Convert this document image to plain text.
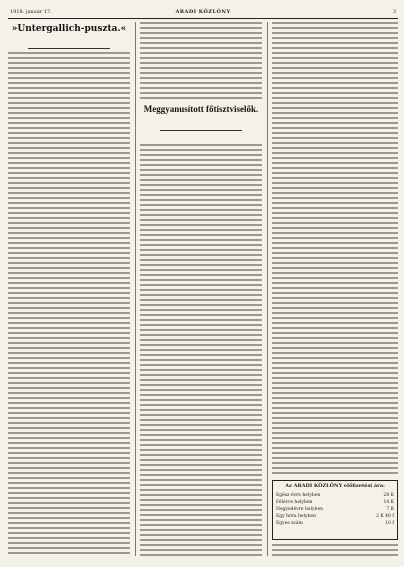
1918. január 17.	ARADI KÖZLÖNY	3
»Untergallich-puszta.«
Meggyanusított főtisztviselők.
Az ARADI KÖZLÖNY előfizetési ára:
Egész évre helyben	28 K
Félévre helyben	14 K
Negyedévre helyben	7 K
Egy hóra helyben	2 K 40 f
Egyes szám	10 f
